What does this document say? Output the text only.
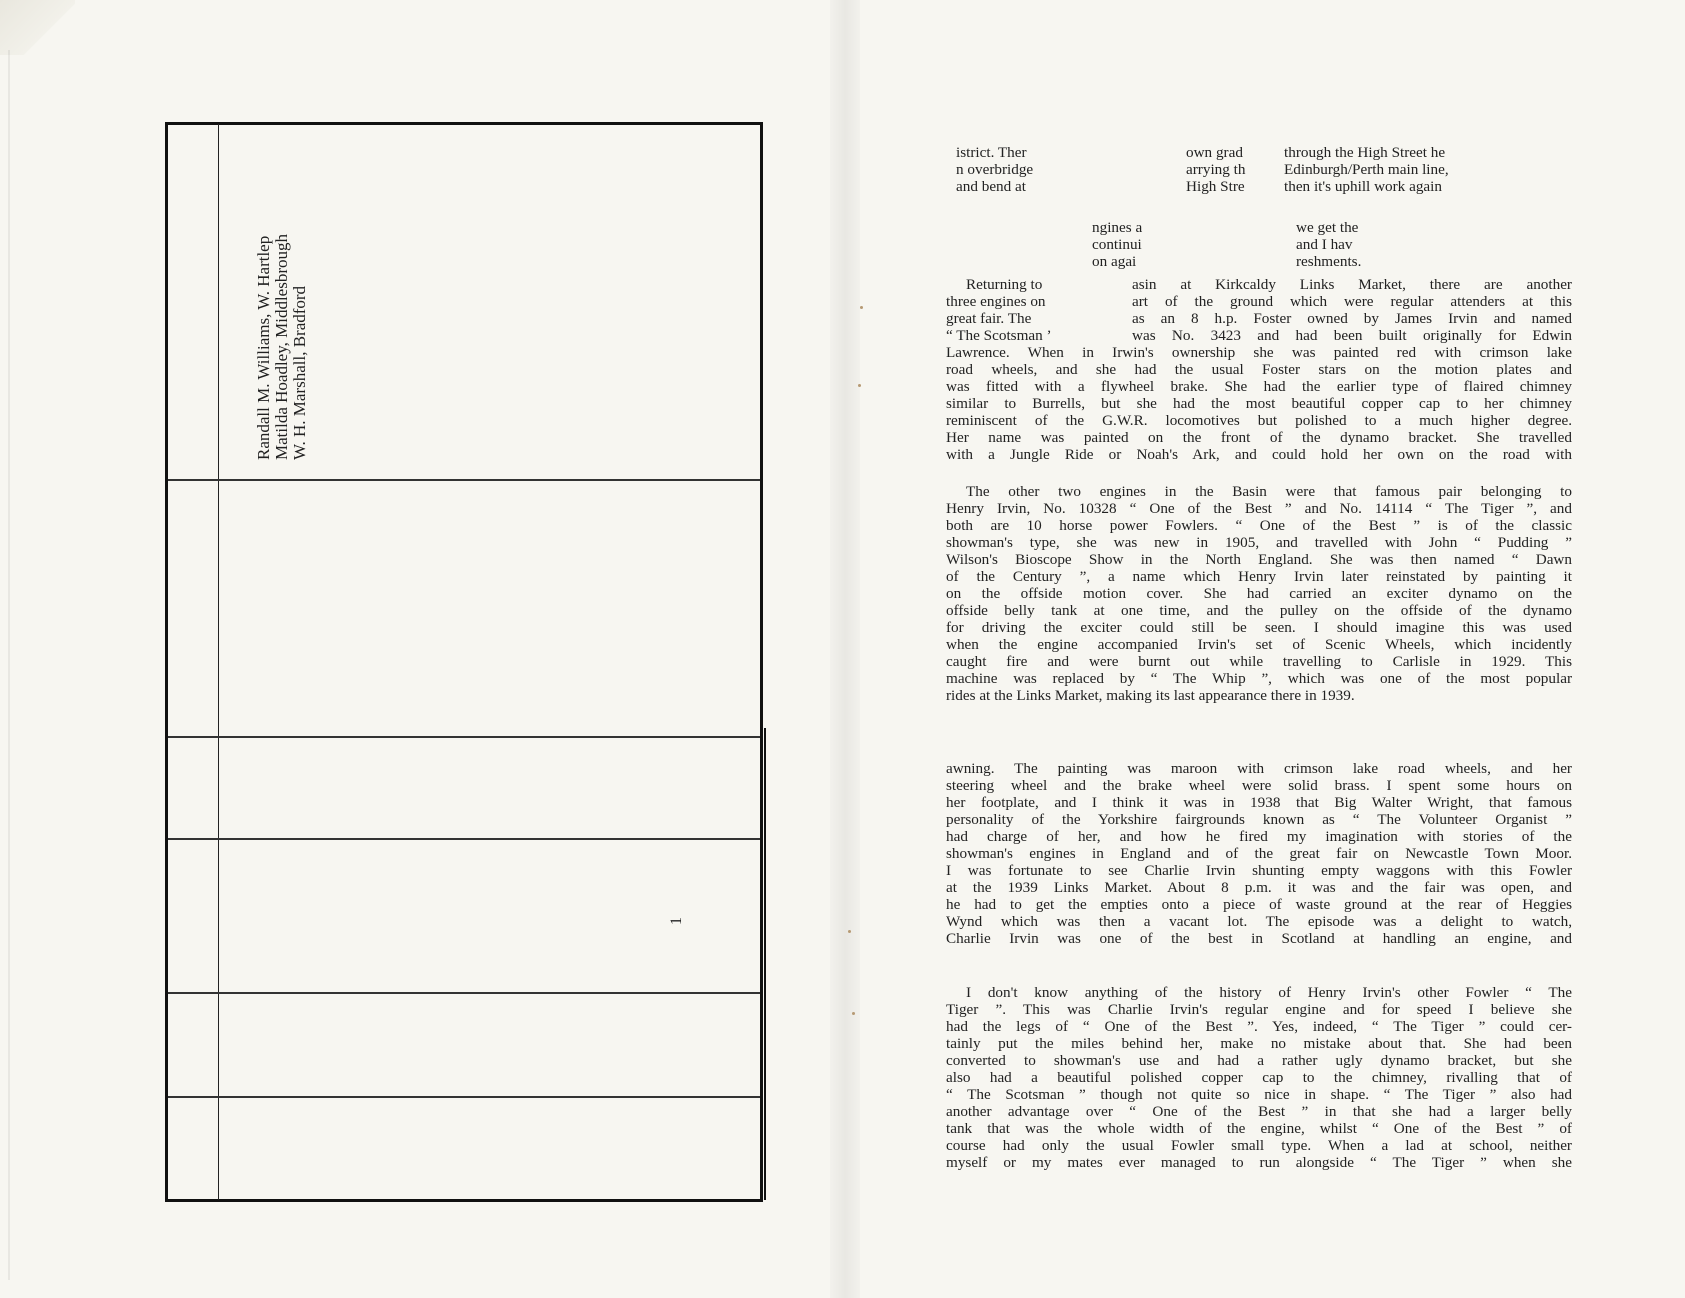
Randall M. Williams, W. Hartlep Matilda Hoadley, Middlesbrough W. H. Marshall, Bradford
1
istrict. Ther
n overbridge
and bend at
own grad
arrying th
High Stre
through the High Street he
Edinburgh/Perth main line,
then it's uphill work again
ngines a
continui
on agai
we get the
and I hav
reshments.
Returning to
three engines on
great fair. The
“ The Scotsman ’
asin at Kirkcaldy Links Market, there are another
art of the ground which were regular attenders at this
as an 8 h.p. Foster owned by James Irvin and named
was No. 3423 and had been built originally for Edwin
Lawrence. When in Irwin's ownership she was painted red with crimson lake
road wheels, and she had the usual Foster stars on the motion plates and
was fitted with a flywheel brake. She had the earlier type of flaired chimney
similar to Burrells, but she had the most beautiful copper cap to her chimney
reminiscent of the G.W.R. locomotives but polished to a much higher degree.
Her name was painted on the front of the dynamo bracket. She travelled
with a Jungle Ride or Noah's Ark, and could hold her own on the road with
The other two engines in the Basin were that famous pair belonging to
Henry Irvin, No. 10328 “ One of the Best ” and No. 14114 “ The Tiger ”, and
both are 10 horse power Fowlers. “ One of the Best ” is of the classic
showman's type, she was new in 1905, and travelled with John “ Pudding ”
Wilson's Bioscope Show in the North England. She was then named “ Dawn
of the Century ”, a name which Henry Irvin later reinstated by painting it
on the offside motion cover. She had carried an exciter dynamo on the
offside belly tank at one time, and the pulley on the offside of the dynamo
for driving the exciter could still be seen. I should imagine this was used
when the engine accompanied Irvin's set of Scenic Wheels, which incidently
caught fire and were burnt out while travelling to Carlisle in 1929. This
machine was replaced by “ The Whip ”, which was one of the most popular
rides at the Links Market, making its last appearance there in 1939.
awning. The painting was maroon with crimson lake road wheels, and her
steering wheel and the brake wheel were solid brass. I spent some hours on
her footplate, and I think it was in 1938 that Big Walter Wright, that famous
personality of the Yorkshire fairgrounds known as “ The Volunteer Organist ”
had charge of her, and how he fired my imagination with stories of the
showman's engines in England and of the great fair on Newcastle Town Moor.
I was fortunate to see Charlie Irvin shunting empty waggons with this Fowler
at the 1939 Links Market. About 8 p.m. it was and the fair was open, and
he had to get the empties onto a piece of waste ground at the rear of Heggies
Wynd which was then a vacant lot. The episode was a delight to watch,
Charlie Irvin was one of the best in Scotland at handling an engine, and
I don't know anything of the history of Henry Irvin's other Fowler “ The
Tiger ”. This was Charlie Irvin's regular engine and for speed I believe she
had the legs of “ One of the Best ”. Yes, indeed, “ The Tiger ” could cer-
tainly put the miles behind her, make no mistake about that. She had been
converted to showman's use and had a rather ugly dynamo bracket, but she
also had a beautiful polished copper cap to the chimney, rivalling that of
“ The Scotsman ” though not quite so nice in shape. “ The Tiger ” also had
another advantage over “ One of the Best ” in that she had a larger belly
tank that was the whole width of the engine, whilst “ One of the Best ” of
course had only the usual Fowler small type. When a lad at school, neither
myself or my mates ever managed to run alongside “ The Tiger ” when she
